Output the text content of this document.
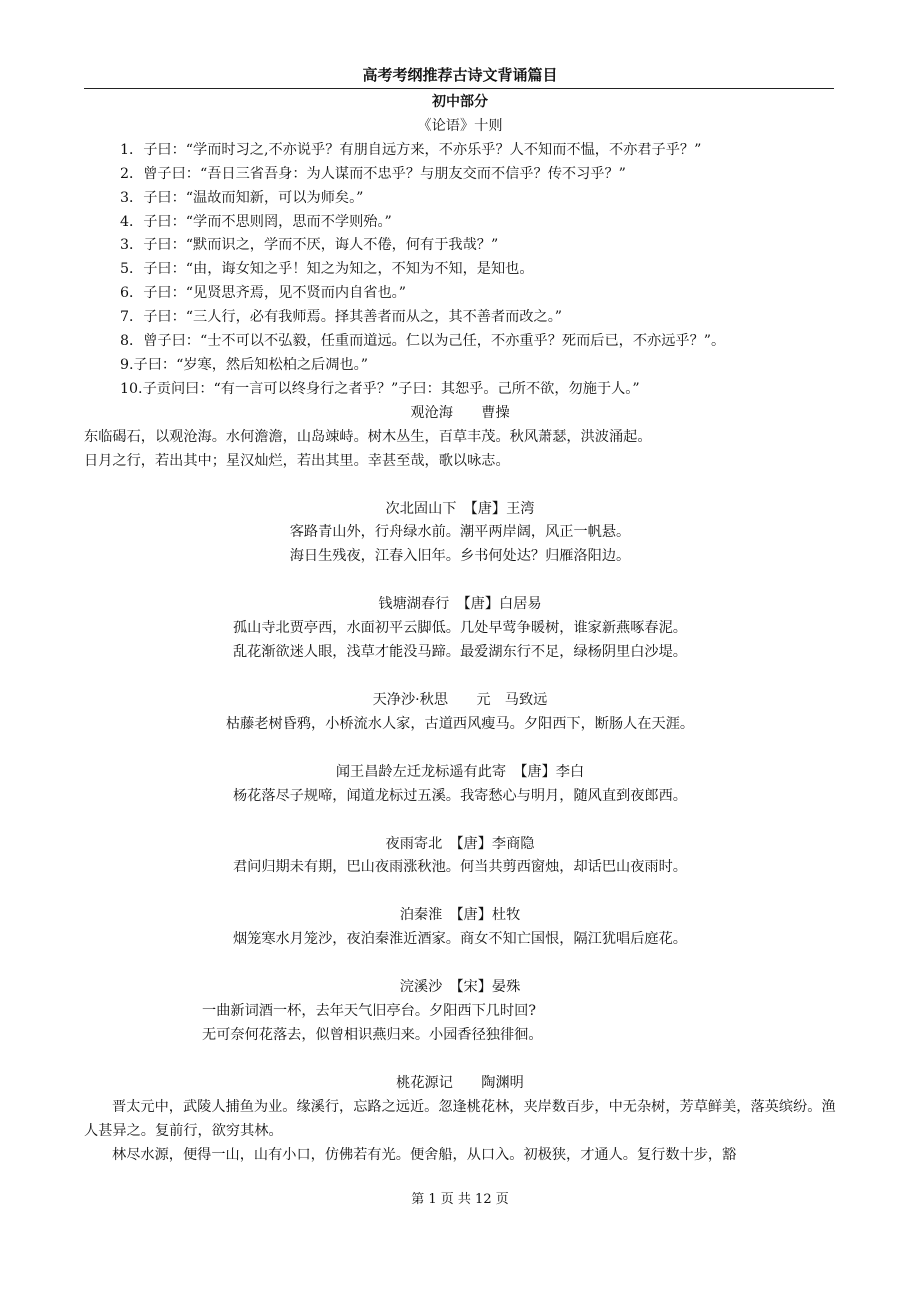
高考考纲推荐古诗文背诵篇目

初中部分

《论语》十则

1．子曰：“学而时习之,不亦说乎？有朋自远方来，不亦乐乎？人不知而不愠，不亦君子乎？”

2．曾子曰：“吾日三省吾身：为人谋而不忠乎？与朋友交而不信乎？传不习乎？”

3．子曰：“温故而知新，可以为师矣。”

4．子曰：“学而不思则罔，思而不学则殆。”

3．子曰：“默而识之，学而不厌，诲人不倦，何有于我哉？”

5．子曰：“由，诲女知之乎！知之为知之，不知为不知，是知也。

6．子曰：“见贤思齐焉，见不贤而内自省也。”

7．子曰：“三人行，必有我师焉。择其善者而从之，其不善者而改之。”

8．曾子曰：“士不可以不弘毅，任重而道远。仁以为己任，不亦重乎？死而后已，不亦远乎？”。

9.子曰：“岁寒，然后知松柏之后凋也。”

10.子贡问曰：“有一言可以终身行之者乎？”子曰：其恕乎。己所不欲，勿施于人。”

观沧海　　曹操

东临碣石，以观沧海。水何澹澹，山岛竦峙。树木丛生，百草丰茂。秋风萧瑟，洪波涌起。

日月之行，若出其中；星汉灿烂，若出其里。幸甚至哉，歌以咏志。

次北固山下　【唐】王湾

客路青山外，行舟绿水前。潮平两岸阔，风正一帆悬。

海日生残夜，江春入旧年。乡书何处达？归雁洛阳边。

钱塘湖春行　【唐】白居易

孤山寺北贾亭西，水面初平云脚低。几处早莺争暖树，谁家新燕啄春泥。

乱花渐欲迷人眼，浅草才能没马蹄。最爱湖东行不足，绿杨阴里白沙堤。

天净沙·秋思　　元　马致远

枯藤老树昏鸦，小桥流水人家，古道西风瘦马。夕阳西下，断肠人在天涯。

闻王昌龄左迁龙标遥有此寄　【唐】李白

杨花落尽子规啼，闻道龙标过五溪。我寄愁心与明月，随风直到夜郎西。

夜雨寄北　【唐】李商隐

君问归期未有期，巴山夜雨涨秋池。何当共剪西窗烛，却话巴山夜雨时。

泊秦淮　【唐】杜牧

烟笼寒水月笼沙，夜泊秦淮近酒家。商女不知亡国恨，隔江犹唱后庭花。

浣溪沙　【宋】晏殊

一曲新词酒一杯，去年天气旧亭台。夕阳西下几时回?

无可奈何花落去，似曾相识燕归来。小园香径独徘徊。

桃花源记　　陶渊明

晋太元中，武陵人捕鱼为业。缘溪行，忘路之远近。忽逢桃花林，夹岸数百步，中无杂树，芳草鲜美，落英缤纷。渔人甚异之。复前行，欲穷其林。

林尽水源，便得一山，山有小口，仿佛若有光。便舍船，从口入。初极狭，才通人。复行数十步，豁

第 1 页 共 12 页
